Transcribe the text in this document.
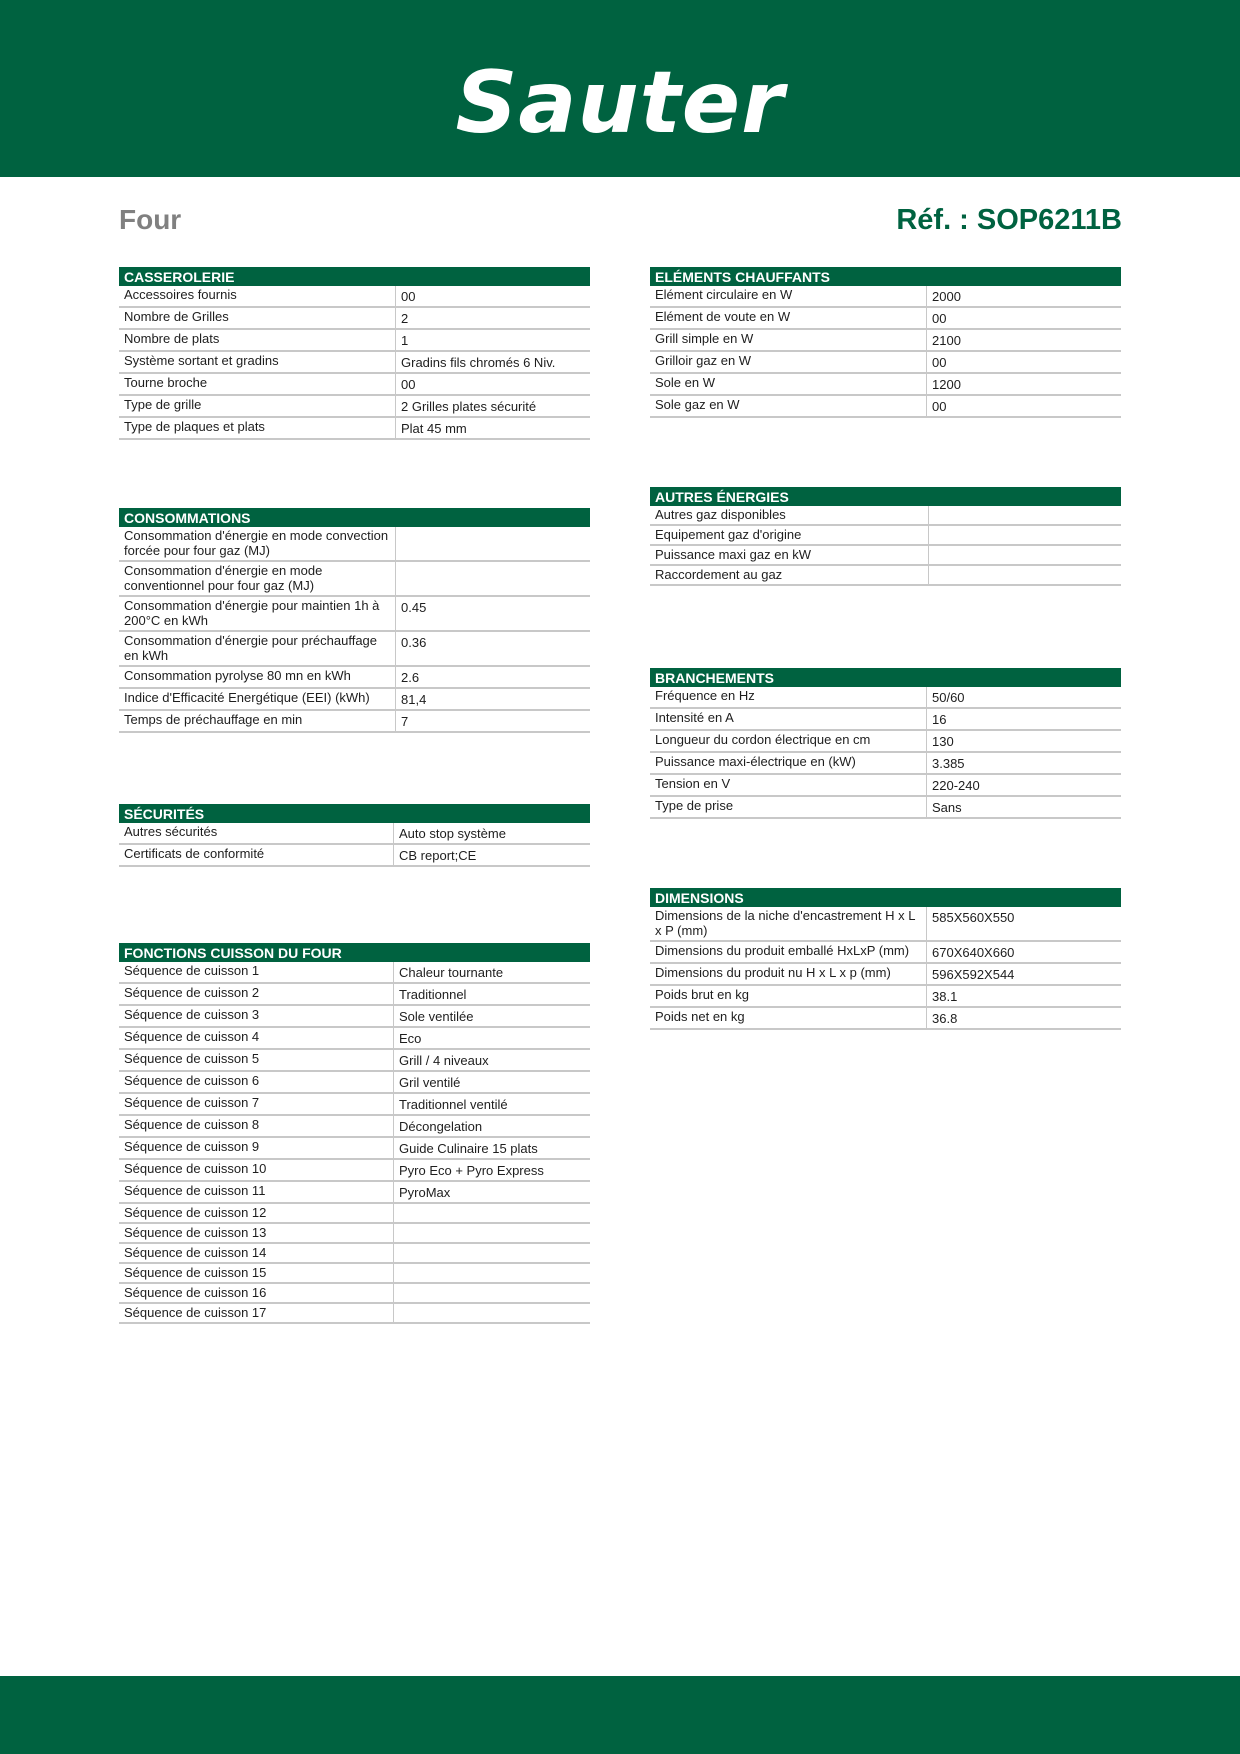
Sauter
Four	Réf. : SOP6211B
CASSEROLERIE
Accessoires fournis	00
Nombre de Grilles	2
Nombre de plats	1
Système sortant et gradins	Gradins fils chromés 6 Niv.
Tourne broche	00
Type de grille	2 Grilles plates sécurité
Type de plaques et plats	Plat 45 mm
CONSOMMATIONS
Consommation d'énergie en mode convection forcée pour four gaz (MJ)	
Consommation d'énergie en mode conventionnel pour four gaz (MJ)	
Consommation d'énergie pour maintien 1h à 200°C en kWh	0.45
Consommation d'énergie pour préchauffage en kWh	0.36
Consommation pyrolyse 80 mn en kWh	2.6
Indice d'Efficacité Energétique (EEI) (kWh)	81,4
Temps de préchauffage en min	7
SÉCURITÉS
Autres sécurités	Auto stop système
Certificats de conformité	CB report;CE
FONCTIONS CUISSON DU FOUR
Séquence de cuisson 1	Chaleur tournante
Séquence de cuisson 2	Traditionnel
Séquence de cuisson 3	Sole ventilée
Séquence de cuisson 4	Eco
Séquence de cuisson 5	Grill / 4 niveaux
Séquence de cuisson 6	Gril ventilé
Séquence de cuisson 7	Traditionnel ventilé
Séquence de cuisson 8	Décongelation
Séquence de cuisson 9	Guide Culinaire 15 plats
Séquence de cuisson 10	Pyro Eco + Pyro Express
Séquence de cuisson 11	PyroMax
Séquence de cuisson 12	
Séquence de cuisson 13	
Séquence de cuisson 14	
Séquence de cuisson 15	
Séquence de cuisson 16	
Séquence de cuisson 17	
ELÉMENTS CHAUFFANTS
Elément circulaire en W	2000
Elément de voute en W	00
Grill simple en W	2100
Grilloir gaz en W	00
Sole en W	1200
Sole gaz en W	00
AUTRES ÉNERGIES
Autres gaz disponibles	
Equipement gaz d'origine	
Puissance maxi gaz en kW	
Raccordement au gaz	
BRANCHEMENTS
Fréquence en Hz	50/60
Intensité en A	16
Longueur du cordon électrique en cm	130
Puissance maxi-électrique en (kW)	3.385
Tension en V	220-240
Type de prise	Sans
DIMENSIONS
Dimensions de la niche d'encastrement H x L x P (mm)	585X560X550
Dimensions du produit emballé HxLxP (mm)	670X640X660
Dimensions du produit nu H x L x p (mm)	596X592X544
Poids brut en kg	38.1
Poids net en kg	36.8
